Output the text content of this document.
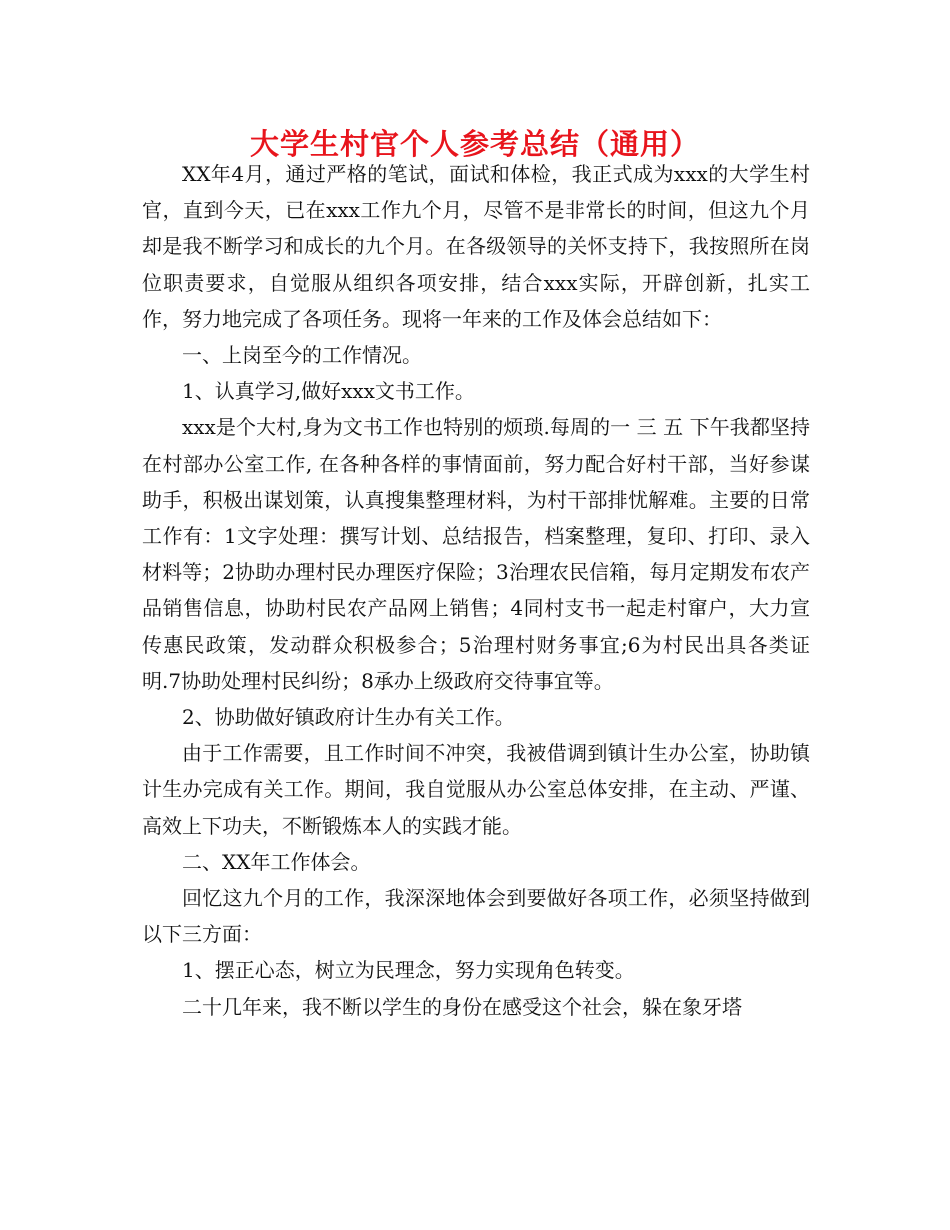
大学生村官个人参考总结（通用）

XX年4月，通过严格的笔试，面试和体检，我正式成为xxx的大学生村官，直到今天，已在xxx工作九个月，尽管不是非常长的时间，但这九个月却是我不断学习和成长的九个月。在各级领导的关怀支持下，我按照所在岗位职责要求，自觉服从组织各项安排，结合xxx实际，开辟创新，扎实工作，努力地完成了各项任务。现将一年来的工作及体会总结如下：

一、上岗至今的工作情况。

1、认真学习,做好xxx文书工作。

xxx是个大村,身为文书工作也特别的烦琐.每周的一 三 五 下午我都坚持在村部办公室工作, 在各种各样的事情面前，努力配合好村干部，当好参谋助手，积极出谋划策，认真搜集整理材料，为村干部排忧解难。主要的日常工作有：1文字处理：撰写计划、总结报告，档案整理，复印、打印、录入材料等；2协助办理村民办理医疗保险；3治理农民信箱，每月定期发布农产品销售信息，协助村民农产品网上销售；4同村支书一起走村窜户，大力宣传惠民政策，发动群众积极参合；5治理村财务事宜;6为村民出具各类证明.7协助处理村民纠纷；8承办上级政府交待事宜等。

2、协助做好镇政府计生办有关工作。

由于工作需要，且工作时间不冲突，我被借调到镇计生办公室，协助镇计生办完成有关工作。期间，我自觉服从办公室总体安排，在主动、严谨、高效上下功夫，不断锻炼本人的实践才能。

二、XX年工作体会。

回忆这九个月的工作，我深深地体会到要做好各项工作，必须坚持做到以下三方面：

1、摆正心态，树立为民理念，努力实现角色转变。

二十几年来，我不断以学生的身份在感受这个社会，躲在象牙塔
